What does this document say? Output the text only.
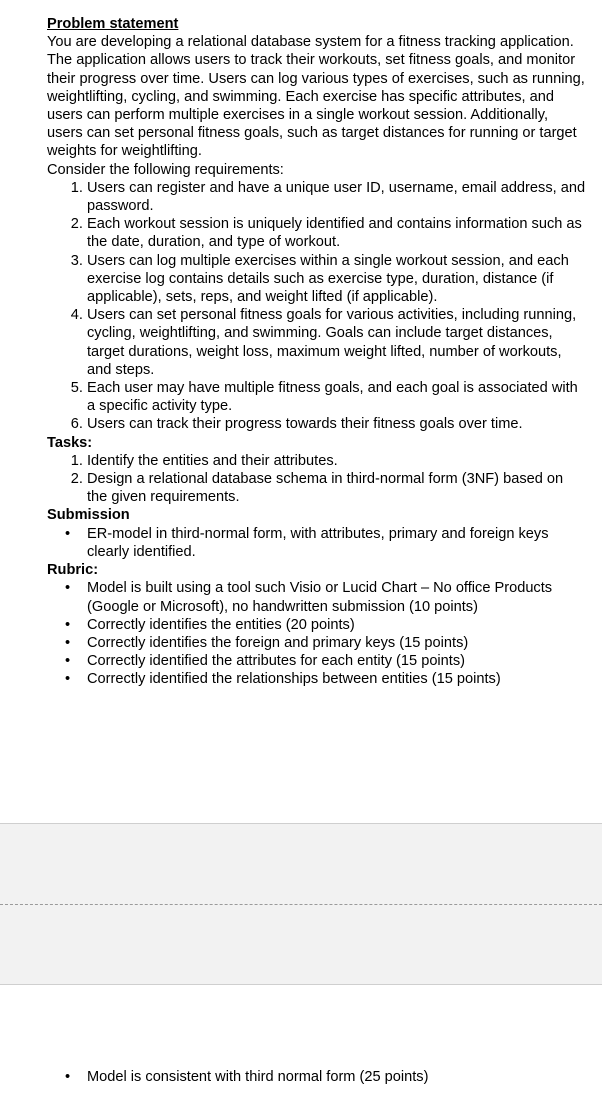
Problem statement
You are developing a relational database system for a fitness tracking application. The application allows users to track their workouts, set fitness goals, and monitor their progress over time. Users can log various types of exercises, such as running, weightlifting, cycling, and swimming. Each exercise has specific attributes, and users can perform multiple exercises in a single workout session. Additionally, users can set personal fitness goals, such as target distances for running or target weights for weightlifting.
Consider the following requirements:
1. Users can register and have a unique user ID, username, email address, and password.
2. Each workout session is uniquely identified and contains information such as the date, duration, and type of workout.
3. Users can log multiple exercises within a single workout session, and each exercise log contains details such as exercise type, duration, distance (if applicable), sets, reps, and weight lifted (if applicable).
4. Users can set personal fitness goals for various activities, including running, cycling, weightlifting, and swimming. Goals can include target distances, target durations, weight loss, maximum weight lifted, number of workouts, and steps.
5. Each user may have multiple fitness goals, and each goal is associated with a specific activity type.
6. Users can track their progress towards their fitness goals over time.
Tasks:
1. Identify the entities and their attributes.
2. Design a relational database schema in third-normal form (3NF) based on the given requirements.
Submission
• ER-model in third-normal form, with attributes, primary and foreign keys clearly identified.
Rubric:
• Model is built using a tool such Visio or Lucid Chart – No office Products (Google or Microsoft), no handwritten submission (10 points)
• Correctly identifies the entities (20 points)
• Correctly identifies the foreign and primary keys (15 points)
• Correctly identified the attributes for each entity (15 points)
• Correctly identified the relationships between entities (15 points)
• Model is consistent with third normal form (25 points)
